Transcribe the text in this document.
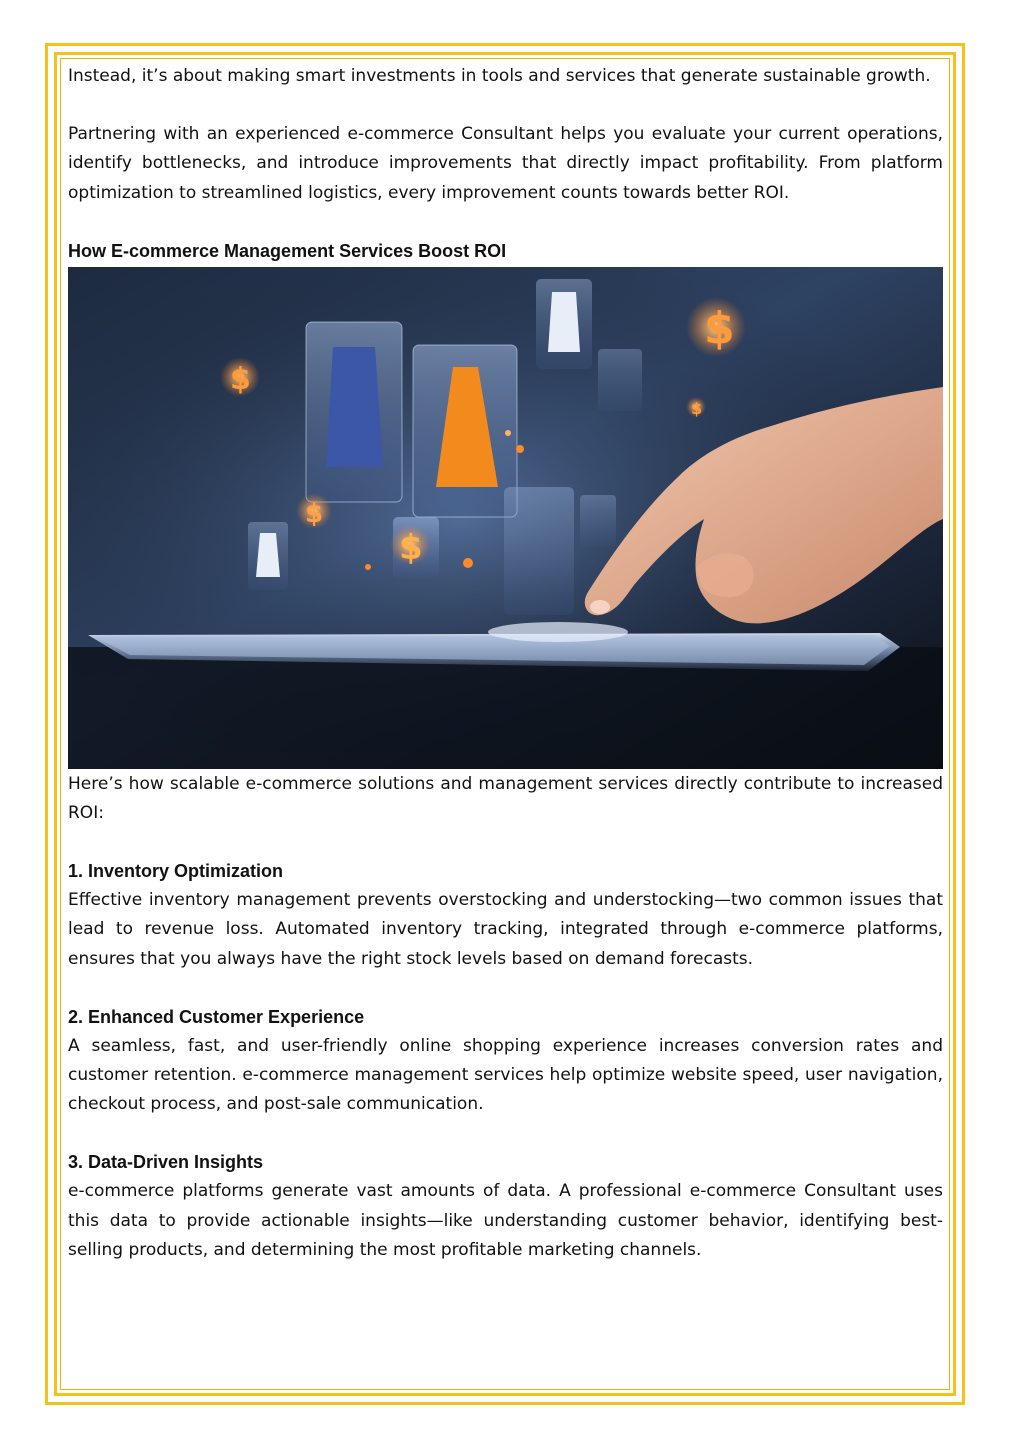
Instead, it’s about making smart investments in tools and services that generate sustainable growth.

Partnering with an experienced e-commerce Consultant helps you evaluate your current operations, identify bottlenecks, and introduce improvements that directly impact profitability. From platform optimization to streamlined logistics, every improvement counts towards better ROI.

How E-commerce Management Services Boost ROI
$
$
$
$
$

Here’s how scalable e-commerce solutions and management services directly contribute to increased ROI:

1. Inventory Optimization

Effective inventory management prevents overstocking and understocking—two common issues that lead to revenue loss. Automated inventory tracking, integrated through e-commerce platforms, ensures that you always have the right stock levels based on demand forecasts.

2. Enhanced Customer Experience

A seamless, fast, and user-friendly online shopping experience increases conversion rates and customer retention. e-commerce management services help optimize website speed, user navigation, checkout process, and post-sale communication.

3. Data-Driven Insights

e-commerce platforms generate vast amounts of data. A professional e-commerce Consultant uses this data to provide actionable insights—like understanding customer behavior, identifying best-selling products, and determining the most profitable marketing channels.
